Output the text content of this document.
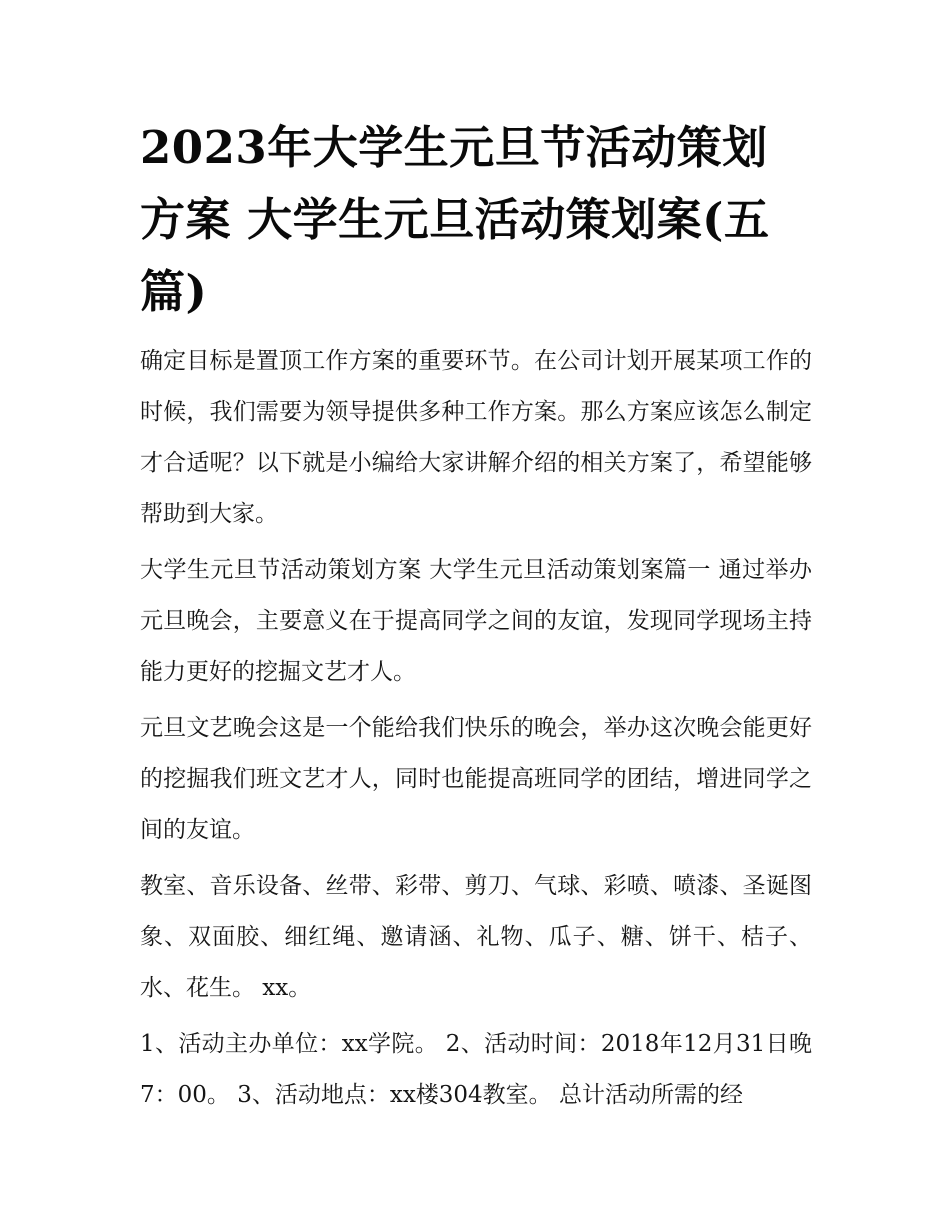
2023年大学生元旦节活动策划方案 大学生元旦活动策划案(五篇)

确定目标是置顶工作方案的重要环节。在公司计划开展某项工作的时候，我们需要为领导提供多种工作方案。那么方案应该怎么制定才合适呢？以下就是小编给大家讲解介绍的相关方案了，希望能够帮助到大家。

大学生元旦节活动策划方案 大学生元旦活动策划案篇一 通过举办元旦晚会，主要意义在于提高同学之间的友谊，发现同学现场主持能力更好的挖掘文艺才人。

元旦文艺晚会这是一个能给我们快乐的晚会，举办这次晚会能更好的挖掘我们班文艺才人，同时也能提高班同学的团结，增进同学之间的友谊。

教室、音乐设备、丝带、彩带、剪刀、气球、彩喷、喷漆、圣诞图象、双面胶、细红绳、邀请涵、礼物、瓜子、糖、饼干、桔子、水、花生。 xx。

1、活动主办单位：xx学院。 2、活动时间：2018年12月31日晚7：00。 3、活动地点：xx楼304教室。 总计活动所需的经
